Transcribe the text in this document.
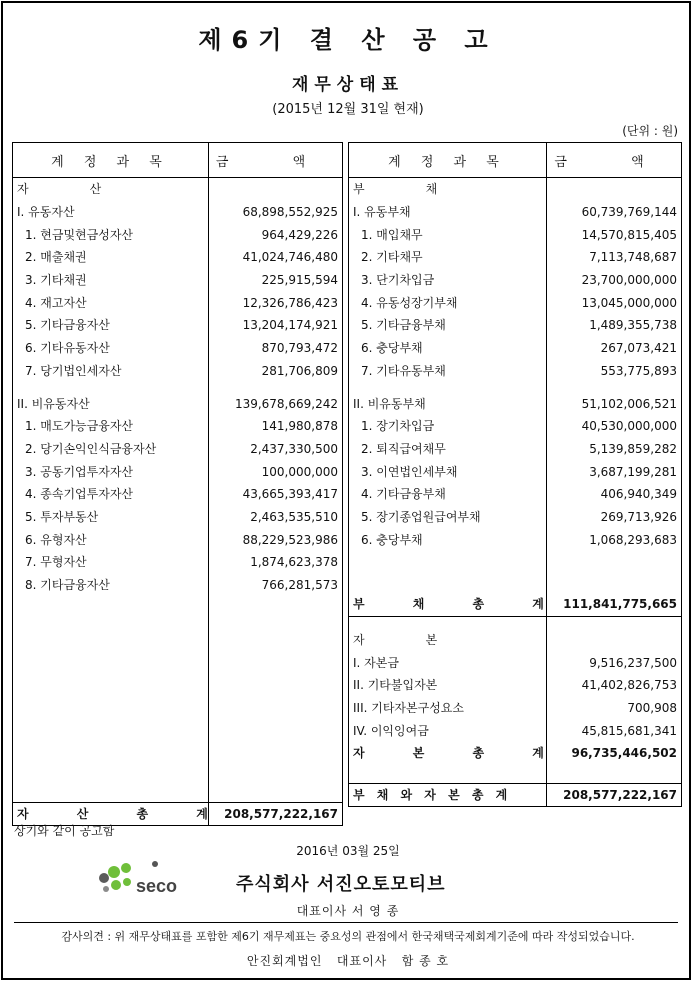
제6기 결 산 공 고
재무상태표
(2015년 12월 31일 현재)
(단위 : 원)
계 정 과 목	금 액
자                산	
I. 유동자산	68,898,552,925
1. 현금및현금성자산	964,429,226
2. 매출채권	41,024,746,480
3. 기타채권	225,915,594
4. 재고자산	12,326,786,423
5. 기타금융자산	13,204,174,921
6. 기타유동자산	870,793,472
7. 당기법인세자산	281,706,809

II. 비유동자산	139,678,669,242
1. 매도가능금융자산	141,980,878
2. 당기손익인식금융자산	2,437,330,500
3. 공동기업투자자산	100,000,000
4. 종속기업투자자산	43,665,393,417
5. 투자부동산	2,463,535,510
6. 유형자산	88,229,523,986
7. 무형자산	1,874,623,378
8. 기타금융자산	766,281,573

자 산 총 계	208,577,222,167
계 정 과 목	금 액
부                채	
I. 유동부채	60,739,769,144
1. 매입채무	14,570,815,405
2. 기타채무	7,113,748,687
3. 단기차입금	23,700,000,000
4. 유동성장기부채	13,045,000,000
5. 기타금융부채	1,489,355,738
6. 충당부채	267,073,421
7. 기타유동부채	553,775,893

II. 비유동부채	51,102,006,521
1. 장기차입금	40,530,000,000
2. 퇴직급여채무	5,139,859,282
3. 이연법인세부채	3,687,199,281
4. 기타금융부채	406,940,349
5. 장기종업원급여부채	269,713,926
6. 충당부채	1,068,293,683

부 채 총 계	111,841,775,665

자                본	
I. 자본금	9,516,237,500
II. 기타불입자본	41,402,826,753
III. 기타자본구성요소	700,908
IV. 이익잉여금	45,815,681,341
자 본 총 계	96,735,446,502

부 채 와 자 본 총 계	208,577,222,167
상기와 같이 공고함
2016년 03월 25일
seco	주식회사 서진오토모티브
대표이사 서 영 종
감사의견 : 위 재무상태표를 포함한 제6기 재무제표는 중요성의 관점에서 한국채택국제회계기준에 따라 작성되었습니다.
안진회계법인   대표이사   함 종 호
